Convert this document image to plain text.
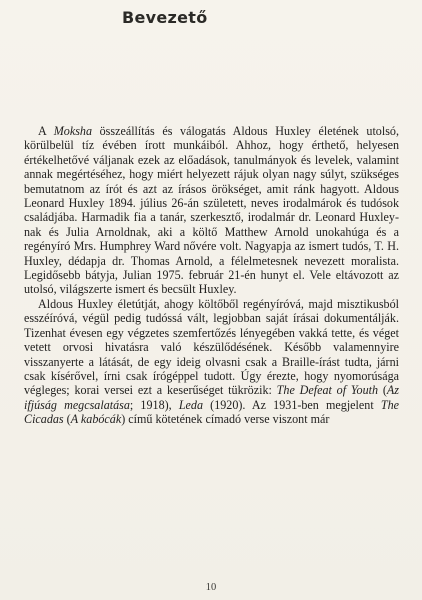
Bevezető

A Moksha összeállítás és válogatás Aldous Huxley életének utolsó, körülbelül tíz évében írott munkáiból. Ahhoz, hogy érthető, helyesen értékelhetővé váljanak ezek az előadások, tanulmányok és levelek, valamint annak megértéséhez, hogy miért helyezett rájuk olyan nagy súlyt, szükséges bemutatnom az írót és azt az írásos örökséget, amit ránk hagyott. Aldous Leonard Huxley 1894. július 26-án született, neves irodalmárok és tudósok családjába. Harmadik fia a tanár, szerkesztő, irodalmár dr. Leonard Huxley-nak és Julia Arnoldnak, aki a költő Matthew Arnold unokahúga és a regényíró Mrs. Humphrey Ward nővére volt. Nagyapja az ismert tudós, T. H. Huxley, dédapja dr. Thomas Arnold, a félelmetesnek nevezett moralista. Legidősebb bátyja, Julian 1975. február 21-én hunyt el. Vele eltávozott az utolsó, világszerte ismert és becsült Huxley.

Aldous Huxley életútját, ahogy költőből regényíróvá, majd misztikusból esszéíróvá, végül pedig tudóssá vált, legjobban saját írásai dokumentálják. Tizenhat évesen egy végzetes szemfertőzés lényegében vakká tette, és véget vetett orvosi hivatásra való készülődésének. Később valamennyire visszanyerte a látását, de egy ideig olvasni csak a Braille-írást tudta, járni csak kísérővel, írni csak írógéppel tudott. Úgy érezte, hogy nyomorúsága végleges; korai versei ezt a keserűséget tükrözik: The Defeat of Youth (Az ifjúság megcsalatása; 1918), Leda (1920). Az 1931-ben megjelent The Cicadas (A kabócák) című kötetének címadó verse viszont már

10
